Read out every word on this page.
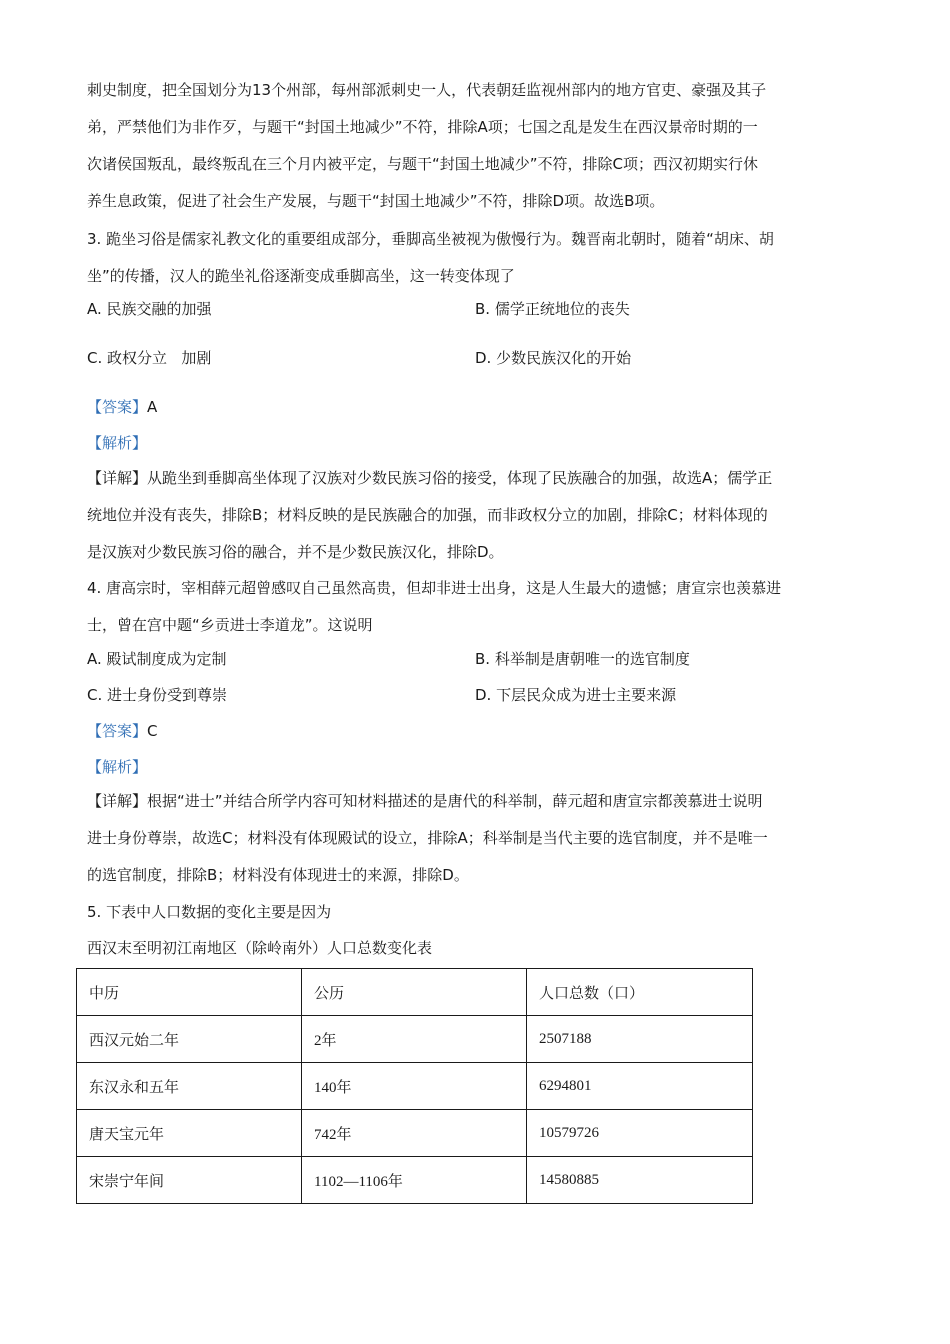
刺史制度，把全国划分为13个州部，每州部派刺史一人，代表朝廷监视州部内的地方官吏、豪强及其子
弟，严禁他们为非作歹，与题干“封国土地减少”不符，排除A项；七国之乱是发生在西汉景帝时期的一
次诸侯国叛乱，最终叛乱在三个月内被平定，与题干“封国土地减少”不符，排除C项；西汉初期实行休
养生息政策，促进了社会生产发展，与题干“封国土地减少”不符，排除D项。故选B项。
3. 跪坐习俗是儒家礼教文化的重要组成部分，垂脚高坐被视为傲慢行为。魏晋南北朝时，随着“胡床、胡
坐”的传播，汉人的跪坐礼俗逐渐变成垂脚高坐，这一转变体现了
A. 民族交融的加强	B. 儒学正统地位的丧失
C. 政权分立   加剧	D. 少数民族汉化的开始
【答案】A
【解析】
【详解】从跪坐到垂脚高坐体现了汉族对少数民族习俗的接受，体现了民族融合的加强，故选A；儒学正
统地位并没有丧失，排除B；材料反映的是民族融合的加强，而非政权分立的加剧，排除C；材料体现的
是汉族对少数民族习俗的融合，并不是少数民族汉化，排除D。
4. 唐高宗时，宰相薛元超曾感叹自己虽然高贵，但却非进士出身，这是人生最大的遗憾；唐宣宗也羡慕进
士，曾在宫中题“乡贡进士李道龙”。这说明
A. 殿试制度成为定制	B. 科举制是唐朝唯一的选官制度
C. 进士身份受到尊崇	D. 下层民众成为进士主要来源
【答案】C
【解析】
【详解】根据“进士”并结合所学内容可知材料描述的是唐代的科举制，薛元超和唐宣宗都羡慕进士说明
进士身份尊崇，故选C；材料没有体现殿试的设立，排除A；科举制是当代主要的选官制度，并不是唯一
的选官制度，排除B；材料没有体现进士的来源，排除D。
5. 下表中人口数据的变化主要是因为
西汉末至明初江南地区（除岭南外）人口总数变化表
中历	公历	人口总数（口）
西汉元始二年	2年	2507188
东汉永和五年	140年	6294801
唐天宝元年	742年	10579726
宋崇宁年间	1102—1106年	14580885
